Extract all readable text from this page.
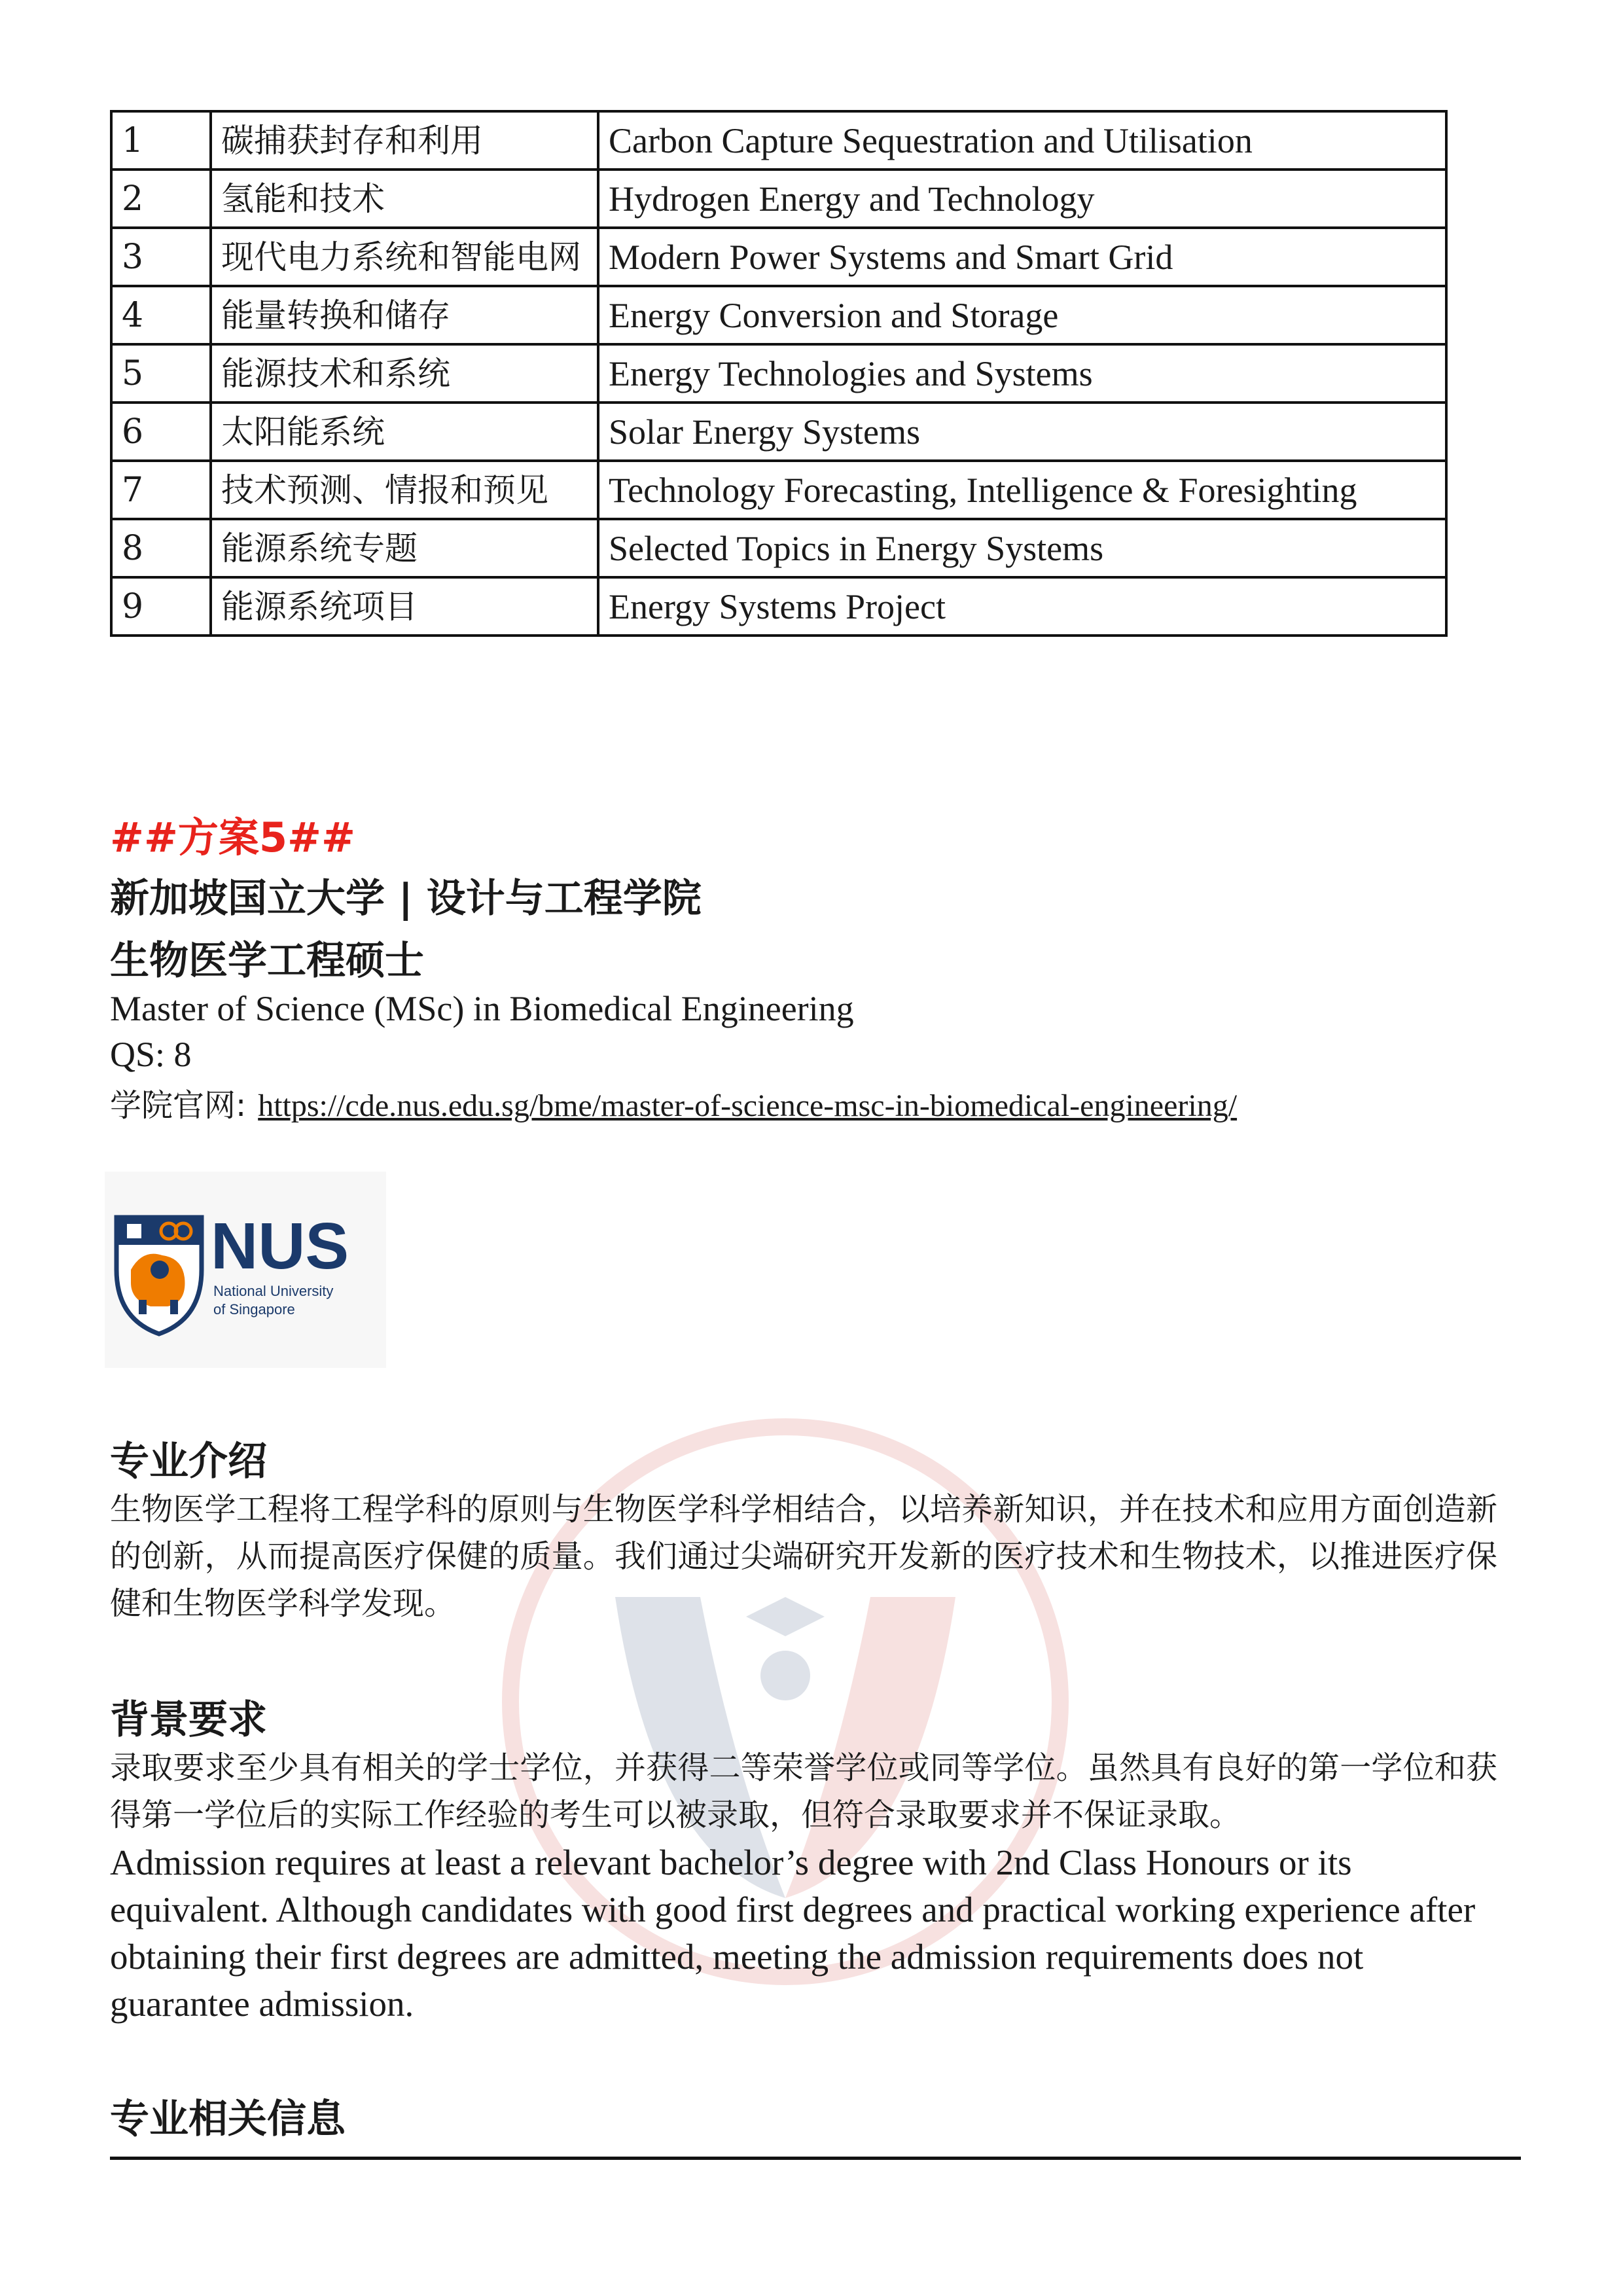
1	碳捕获封存和利用	Carbon Capture Sequestration and Utilisation
2	氢能和技术	Hydrogen Energy and Technology
3	现代电力系统和智能电网	Modern Power Systems and Smart Grid
4	能量转换和储存	Energy Conversion and Storage
5	能源技术和系统	Energy Technologies and Systems
6	太阳能系统	Solar Energy Systems
7	技术预测、情报和预见	Technology Forecasting, Intelligence & Foresighting
8	能源系统专题	Selected Topics in Energy Systems
9	能源系统项目	Energy Systems Project

##方案5##

新加坡国立大学 | 设计与工程学院

生物医学工程硕士

Master of Science (MSc) in Biomedical Engineering

QS: 8

学院官网: https://cde.nus.edu.sg/bme/master-of-science-msc-in-biomedical-engineering/

NUS
National University
of Singapore

专业介绍

生物医学工程将工程学科的原则与生物医学科学相结合，以培养新知识，并在技术和应用方面创造新的创新，从而提高医疗保健的质量。我们通过尖端研究开发新的医疗技术和生物技术，以推进医疗保健和生物医学科学发现。

背景要求

录取要求至少具有相关的学士学位，并获得二等荣誉学位或同等学位。虽然具有良好的第一学位和获得第一学位后的实际工作经验的考生可以被录取，但符合录取要求并不保证录取。

Admission requires at least a relevant bachelor’s degree with 2nd Class Honours or its equivalent. Although candidates with good first degrees and practical working experience after obtaining their first degrees are admitted, meeting the admission requirements does not guarantee admission.

专业相关信息
